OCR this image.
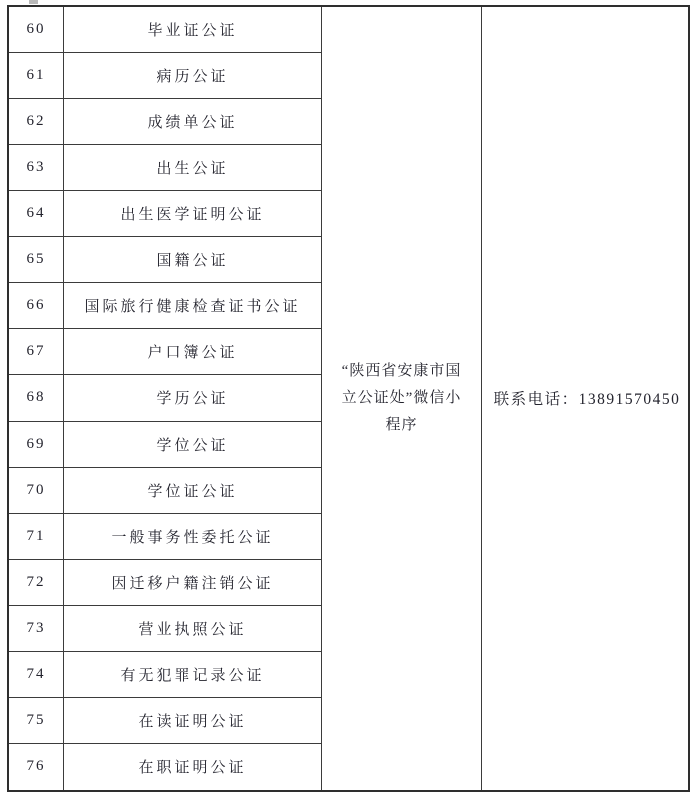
“陕西省安康市国立公证处”微信小程序
联系电话：13891570450
60	毕业证公证
61	病历公证
62	成绩单公证
63	出生公证
64	出生医学证明公证
65	国籍公证
66	国际旅行健康检查证书公证
67	户口簿公证
68	学历公证
69	学位公证
70	学位证公证
71	一般事务性委托公证
72	因迁移户籍注销公证
73	营业执照公证
74	有无犯罪记录公证
75	在读证明公证
76	在职证明公证
